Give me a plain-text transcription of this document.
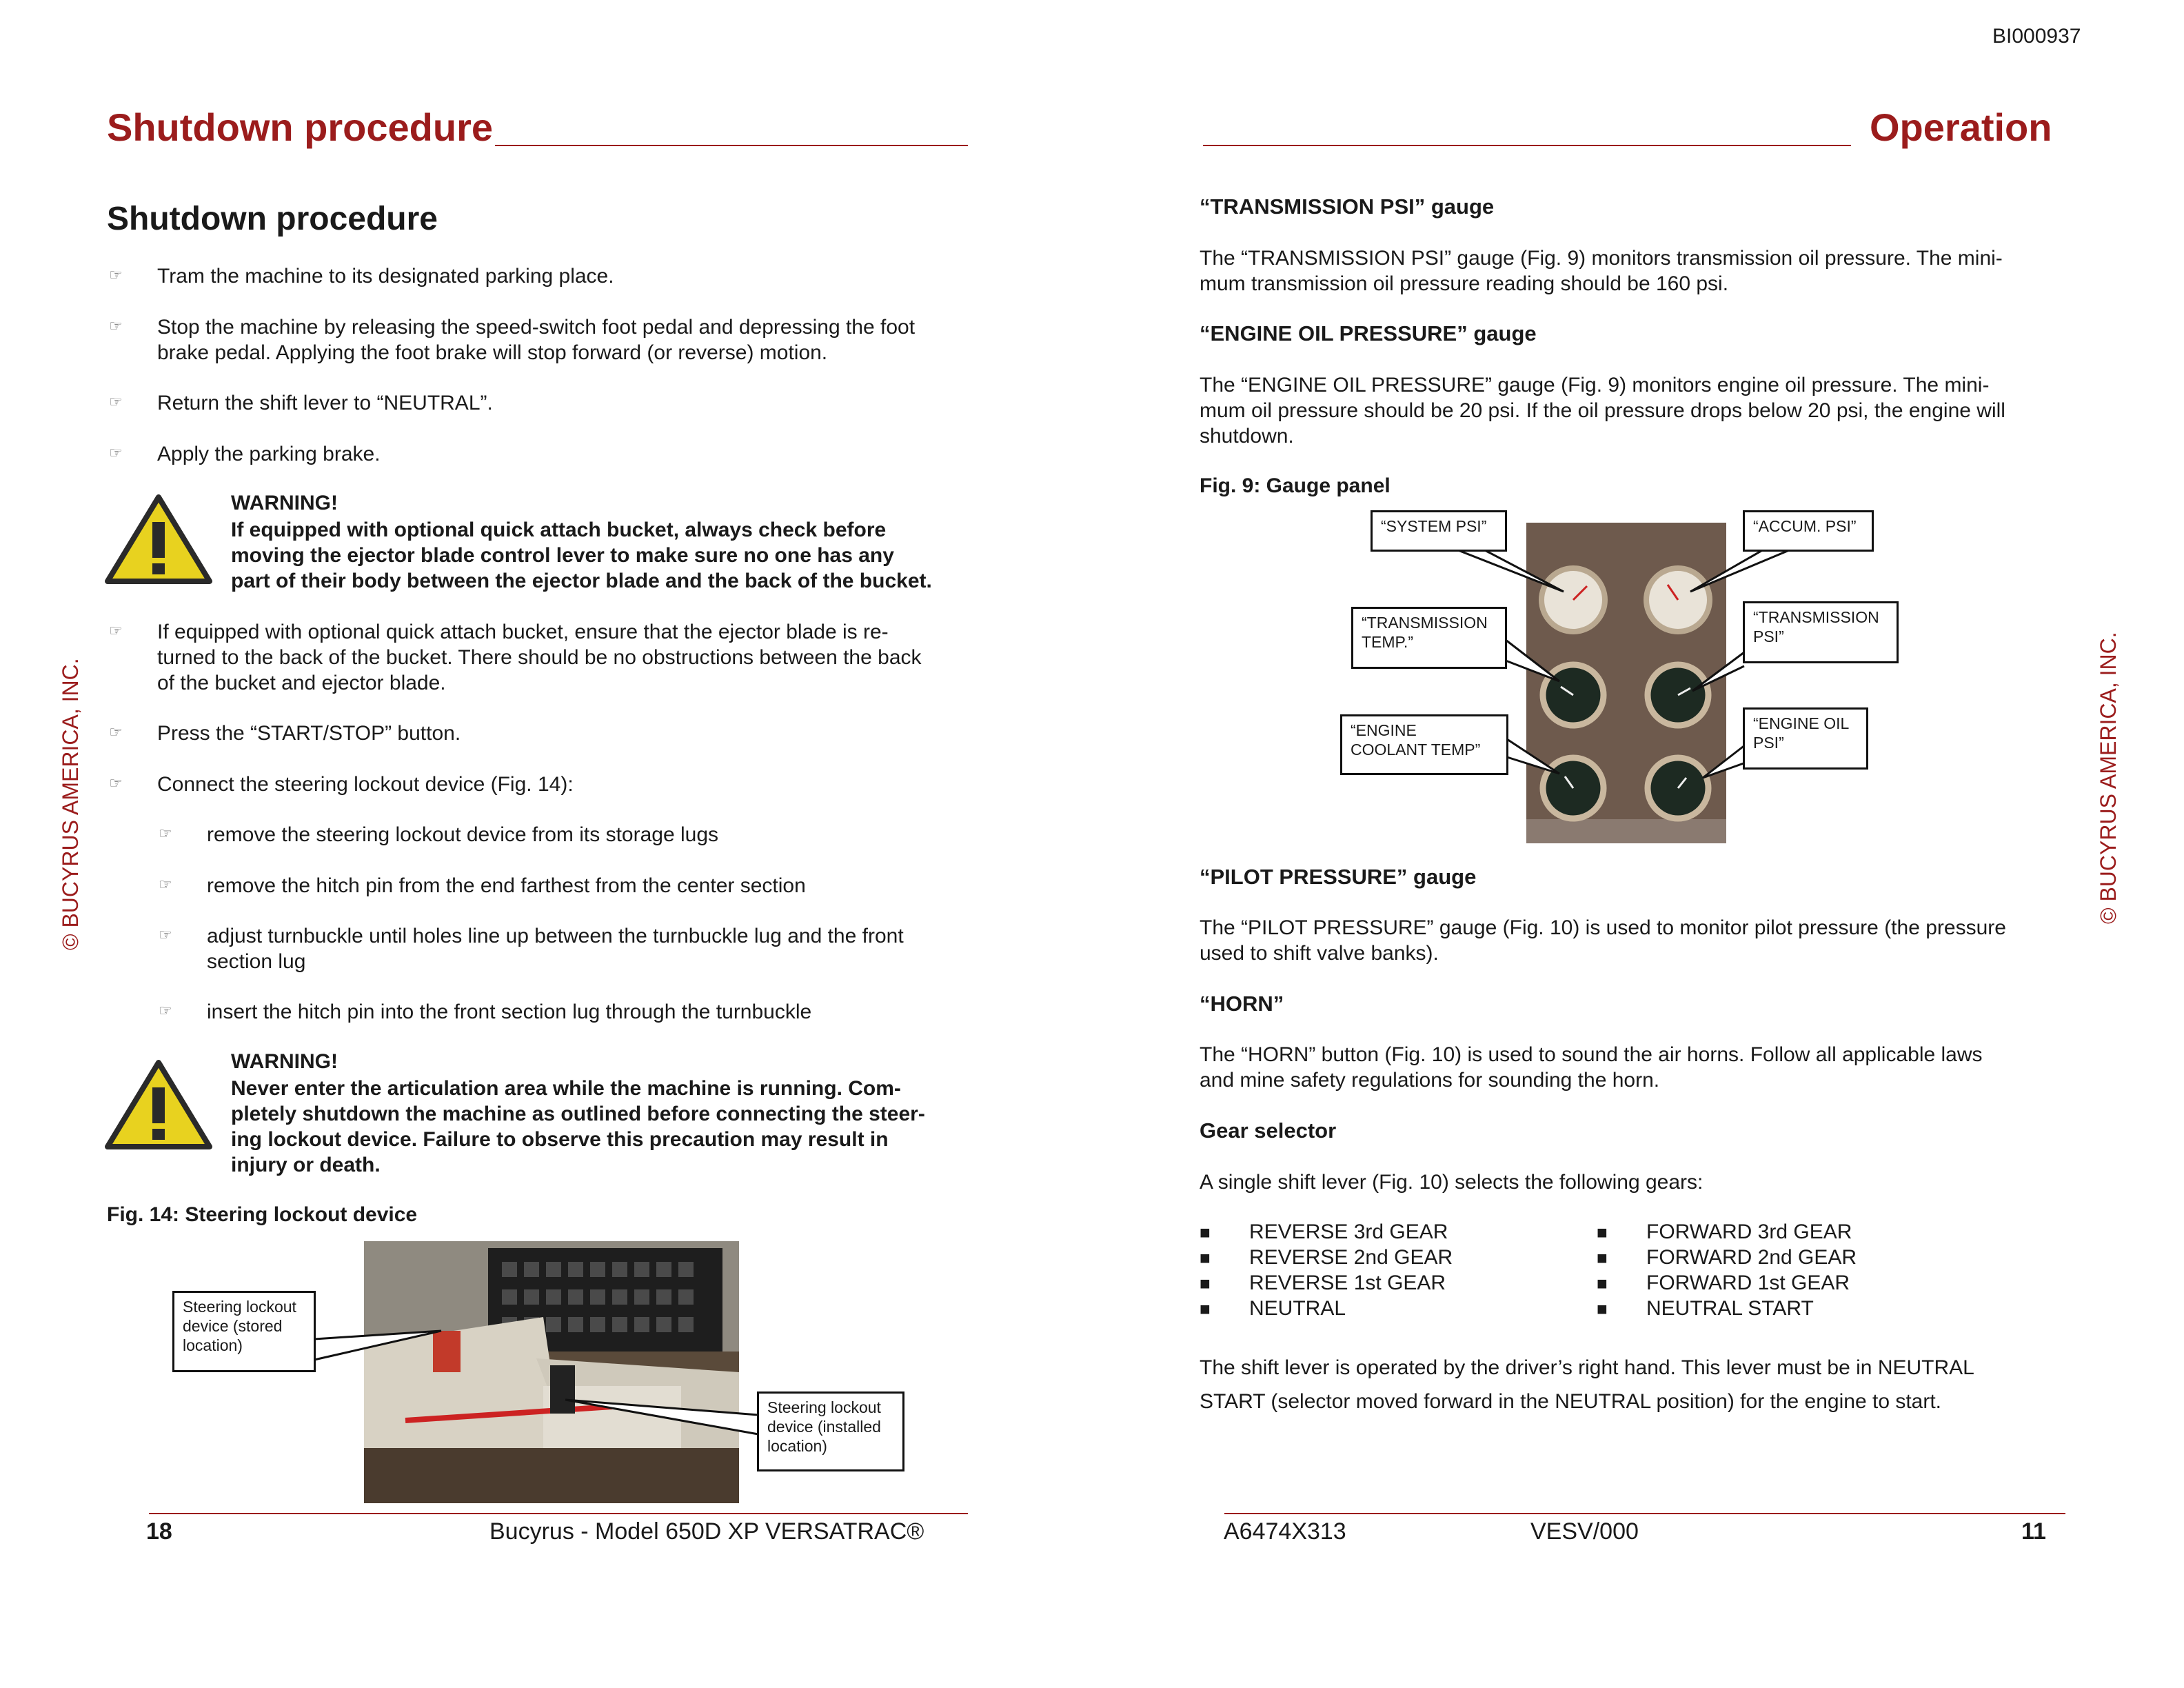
BI000937
Shutdown procedure
Shutdown procedure
☞ Tram the machine to its designated parking place.
☞ Stop the machine by releasing the speed-switch foot pedal and depressing the foot
brake pedal. Applying the foot brake will stop forward (or reverse) motion.
☞ Return the shift lever to “NEUTRAL”.
☞ Apply the parking brake.
WARNING!
If equipped with optional quick attach bucket, always check before
moving the ejector blade control lever to make sure no one has any
part of their body between the ejector blade and the back of the bucket.
☞ If equipped with optional quick attach bucket, ensure that the ejector blade is re-
turned to the back of the bucket. There should be no obstructions between the back
of the bucket and ejector blade.
☞ Press the “START/STOP” button.
☞ Connect the steering lockout device (Fig. 14):
☞ remove the steering lockout device from its storage lugs
☞ remove the hitch pin from the end farthest from the center section
☞ adjust turnbuckle until holes line up between the turnbuckle lug and the front
section lug
☞ insert the hitch pin into the front section lug through the turnbuckle
WARNING!
Never enter the articulation area while the machine is running. Com-
pletely shutdown the machine as outlined before connecting the steer-
ing lockout device. Failure to observe this precaution may result in
injury or death.
Fig. 14: Steering lockout device
Steering lockout
device (stored
location)
Steering lockout
device (installed
location)
18	Bucyrus - Model 650D XP VERSATRAC®
© BUCYRUS AMERICA, INC.
Operation
“TRANSMISSION PSI” gauge
The “TRANSMISSION PSI” gauge (Fig. 9) monitors transmission oil pressure. The mini-
mum transmission oil pressure reading should be 160 psi.
“ENGINE OIL PRESSURE” gauge
The “ENGINE OIL PRESSURE” gauge (Fig. 9) monitors engine oil pressure. The mini-
mum oil pressure should be 20 psi. If the oil pressure drops below 20 psi, the engine will
shutdown.
Fig. 9: Gauge panel
“SYSTEM PSI”	“ACCUM. PSI”
“TRANSMISSION
TEMP.”
“TRANSMISSION
PSI”
“ENGINE
COOLANT TEMP”
“ENGINE OIL
PSI”
“PILOT PRESSURE” gauge
The “PILOT PRESSURE” gauge (Fig. 10) is used to monitor pilot pressure (the pressure
used to shift valve banks).
“HORN”
The “HORN” button (Fig. 10) is used to sound the air horns. Follow all applicable laws
and mine safety regulations for sounding the horn.
Gear selector
A single shift lever (Fig. 10) selects the following gears:
■ REVERSE 3rd GEAR
■ REVERSE 2nd GEAR
■ REVERSE 1st GEAR
■ NEUTRAL
■ FORWARD 3rd GEAR
■ FORWARD 2nd GEAR
■ FORWARD 1st GEAR
■ NEUTRAL START
The shift lever is operated by the driver’s right hand. This lever must be in NEUTRAL
START (selector moved forward in the NEUTRAL position) for the engine to start.
A6474X313	VESV/000	11
© BUCYRUS AMERICA, INC.
